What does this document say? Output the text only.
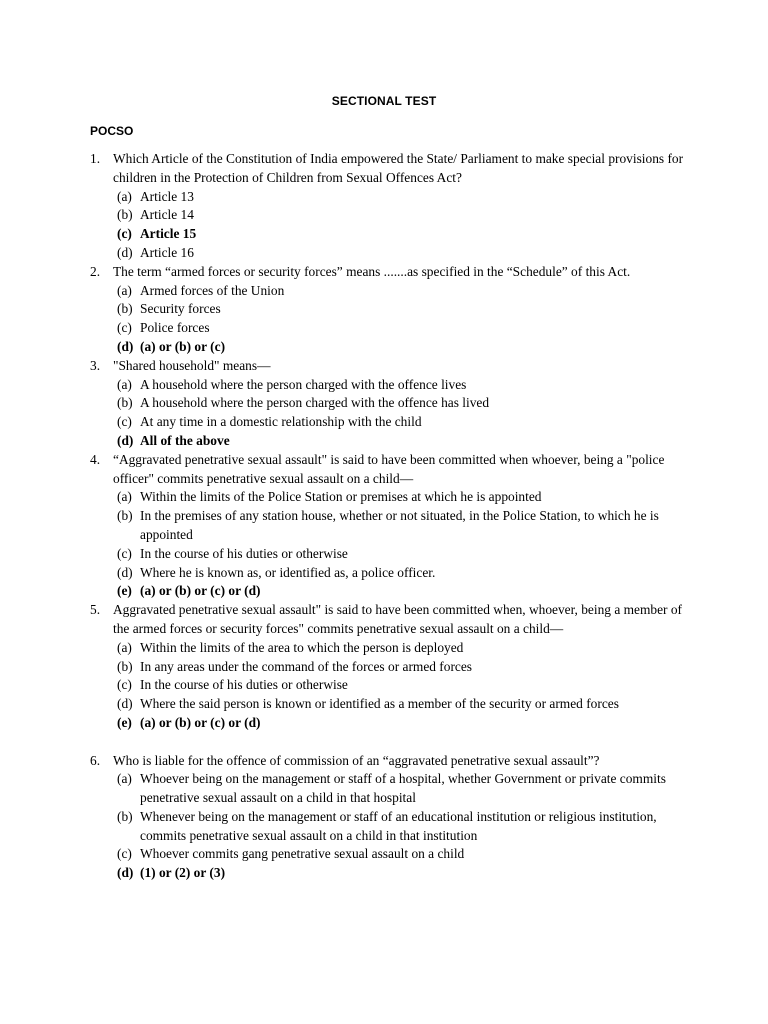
SECTIONAL TEST
POCSO
1. Which Article of the Constitution of India empowered the State/ Parliament to make special provisions for children in the Protection of Children from Sexual Offences Act?
(a) Article 13
(b) Article 14
(c) Article 15
(d) Article 16
2. The term “armed forces or security forces” means .......as specified in the “Schedule” of this Act.
(a) Armed forces of the Union
(b) Security forces
(c) Police forces
(d) (a) or (b) or (c)
3. "Shared household" means—
(a) A household where the person charged with the offence lives
(b) A household where the person charged with the offence has lived
(c) At any time in a domestic relationship with the child
(d) All of the above
4. “Aggravated penetrative sexual assault" is said to have been committed when whoever, being a "police officer" commits penetrative sexual assault on a child—
(a) Within the limits of the Police Station or premises at which he is appointed
(b) In the premises of any station house, whether or not situated, in the Police Station, to which he is appointed
(c) In the course of his duties or otherwise
(d) Where he is known as, or identified as, a police officer.
(e) (a) or (b) or (c) or (d)
5. Aggravated penetrative sexual assault" is said to have been committed when, whoever, being a member of the armed forces or security forces" commits penetrative sexual assault on a child—
(a) Within the limits of the area to which the person is deployed
(b) In any areas under the command of the forces or armed forces
(c) In the course of his duties or otherwise
(d) Where the said person is known or identified as a member of the security or armed forces
(e) (a) or (b) or (c) or (d)
6. Who is liable for the offence of commission of an “aggravated penetrative sexual assault”?
(a) Whoever being on the management or staff of a hospital, whether Government or private commits penetrative sexual assault on a child in that hospital
(b) Whenever being on the management or staff of an educational institution or religious institution, commits penetrative sexual assault on a child in that institution
(c) Whoever commits gang penetrative sexual assault on a child
(d) (1) or (2) or (3)
